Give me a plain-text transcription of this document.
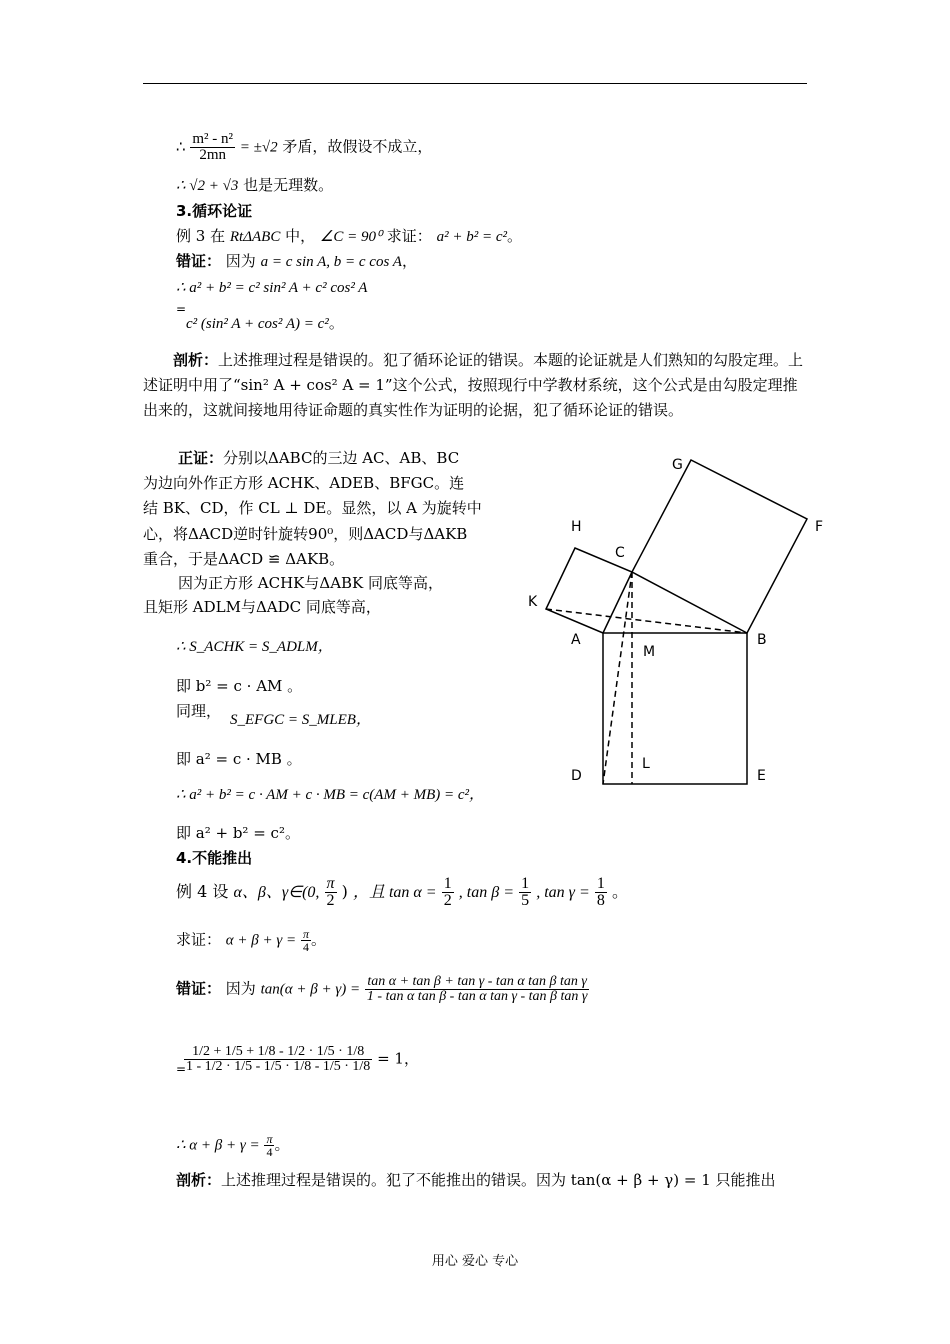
∴ $\frac{\text{m² - n²}}{2mn} = \pm√2$ 矛盾，故假设不成立，
∴ √2 + √3 也是无理数。
3.循环论证
例 3 在 RtΔABC 中， ∠C = 90⁰ 求证： a² + b² = c²。
错证： 因为 a = c sin A, b = c cos A，
∴ a² + b² = c² sin² A + c² cos² A
=
c² (sin² A + cos² A) = c²。
剖析：上述推理过程是错误的。犯了循环论证的错误。本题的论证就是人们熟知的勾股定理。上述证明中用了“sin² A + cos² A = 1”这个公式，按照现行中学教材系统，这个公式是由勾股定理推出来的，这就间接地用待证命题的真实性作为证明的论据，犯了循环论证的错误。
正证：分别以ΔABC的三边 AC、AB、BC
为边向外作正方形 ACHK、ADEB、BFGC。连
结 BK、CD，作 CL ⊥ DE。显然，以 A 为旋转中
心，将ΔACD逆时针旋转90⁰，则ΔACD与ΔAKB
重合，于是ΔACD ≌ ΔAKB。
因为正方形 ACHK与ΔABK 同底等高，
且矩形 ADLM与ΔADC 同底等高，
∴ S_ACHK = S_ADLM，
即 b² = c · AM 。
同理， S_EFGC = S_MLEB，
即 a² = c · MB 。
∴ a² + b² = c · AM + c · MB = c(AM + MB) = c²，
即 a² + b² = c²。
G
F
H
C
K
A
M
B
D
L
E
4.不能推出
例 4 设 α、β、γ∈(0, $\frac{\pi}{2}$ ) ，且 $\tan \alpha = \frac{1}{2}$ , $\tan \beta = \frac{1}{5}$ , $\tan \gamma = \frac{1}{8}$ 。
求证： $\alpha + \beta + \gamma = \frac{\pi}{4}$ 。
错证： 因为 $\tan(\alpha + \beta + \gamma) = \frac{\text{tan α + tan β + tan γ - tan α tan β tan γ}}{\text{1 - tan α tan β - tan α tan γ - tan β tan γ}}$
=
$\frac{1/2 + 1/5 + 1/8 - 1/2 \cdot 1/5 \cdot 1/8}{1 - 1/2 \cdot 1/5 - 1/5 \cdot 1/8 - 1/5 \cdot 1/8} = 1$，
∴ $\alpha + \beta + \gamma = \frac{\pi}{4}$ 。
剖析：上述推理过程是错误的。犯了不能推出的错误。因为 tan(α + β + γ) = 1 只能推出
用心 爱心 专心
